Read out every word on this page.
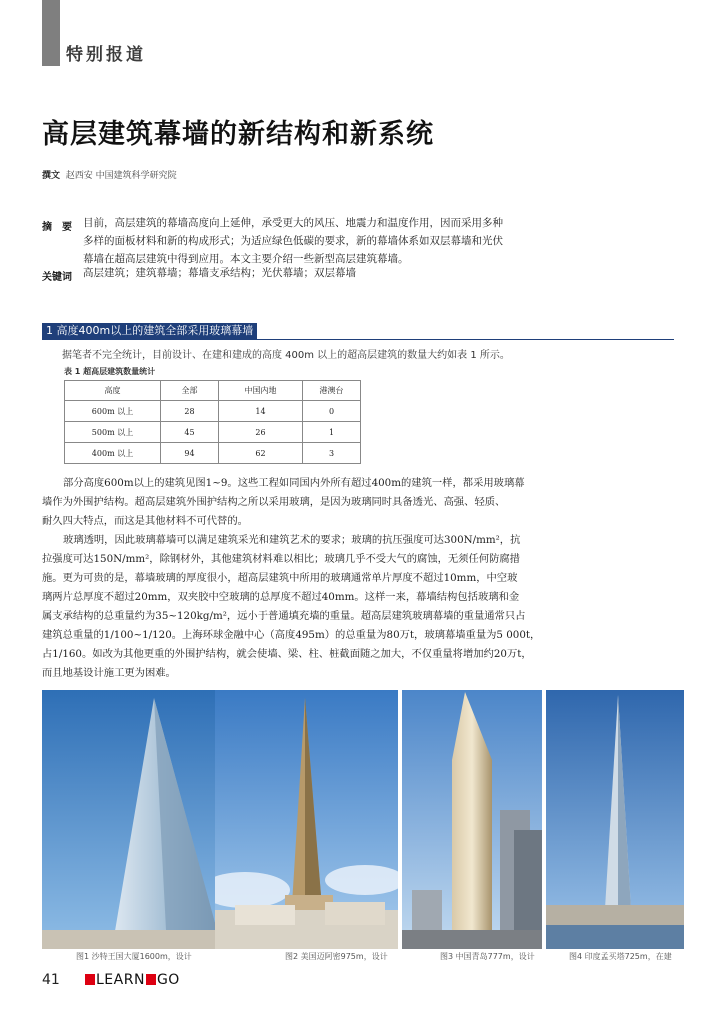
特别报道
高层建筑幕墙的新结构和新系统
撰文 赵西安 中国建筑科学研究院
摘　要 目前，高层建筑的幕墙高度向上延伸，承受更大的风压、地震力和温度作用，因而采用多种
多样的面板材料和新的构成形式；为适应绿色低碳的要求，新的幕墙体系如双层幕墙和光伏
幕墙在超高层建筑中得到应用。本文主要介绍一些新型高层建筑幕墙。
关键词 高层建筑；建筑幕墙；幕墙支承结构；光伏幕墙；双层幕墙
1 高度400m以上的建筑全部采用玻璃幕墙
据笔者不完全统计，目前设计、在建和建成的高度 400m 以上的超高层建筑的数量大约如表 1 所示。
表 1 超高层建筑数量统计
高度	全部	中国内地	港澳台
600m 以上	28	14	0
500m 以上	45	26	1
400m 以上	94	62	3
部分高度600m以上的建筑见图1~9。这些工程如同国内外所有超过400m的建筑一样，都采用玻璃幕
墙作为外围护结构。超高层建筑外围护结构之所以采用玻璃，是因为玻璃同时具备透光、高强、轻质、
耐久四大特点，而这是其他材料不可代替的。
玻璃透明，因此玻璃幕墙可以满足建筑采光和建筑艺术的要求；玻璃的抗压强度可达300N/mm²，抗
拉强度可达150N/mm²，除钢材外，其他建筑材料难以相比；玻璃几乎不受大气的腐蚀，无须任何防腐措
施。更为可贵的是，幕墙玻璃的厚度很小，超高层建筑中所用的玻璃通常单片厚度不超过10mm，中空玻
璃两片总厚度不超过20mm，双夹胶中空玻璃的总厚度不超过40mm。这样一来，幕墙结构包括玻璃和金
属支承结构的总重量约为35~120kg/m²，远小于普通填充墙的重量。超高层建筑玻璃幕墙的重量通常只占
建筑总重量的1/100~1/120。上海环球金融中心（高度495m）的总重量为80万t，玻璃幕墙重量为5 000t，
占1/160。如改为其他更重的外围护结构，就会使墙、梁、柱、桩截面随之加大，不仅重量将增加约20万t，
而且地基设计施工更为困难。
图1 沙特王国大厦1600m，设计	图2 美国迈阿密975m，设计	图3 中国青岛777m，设计	图4 印度孟买塔725m，在建
41	LEARN GO
